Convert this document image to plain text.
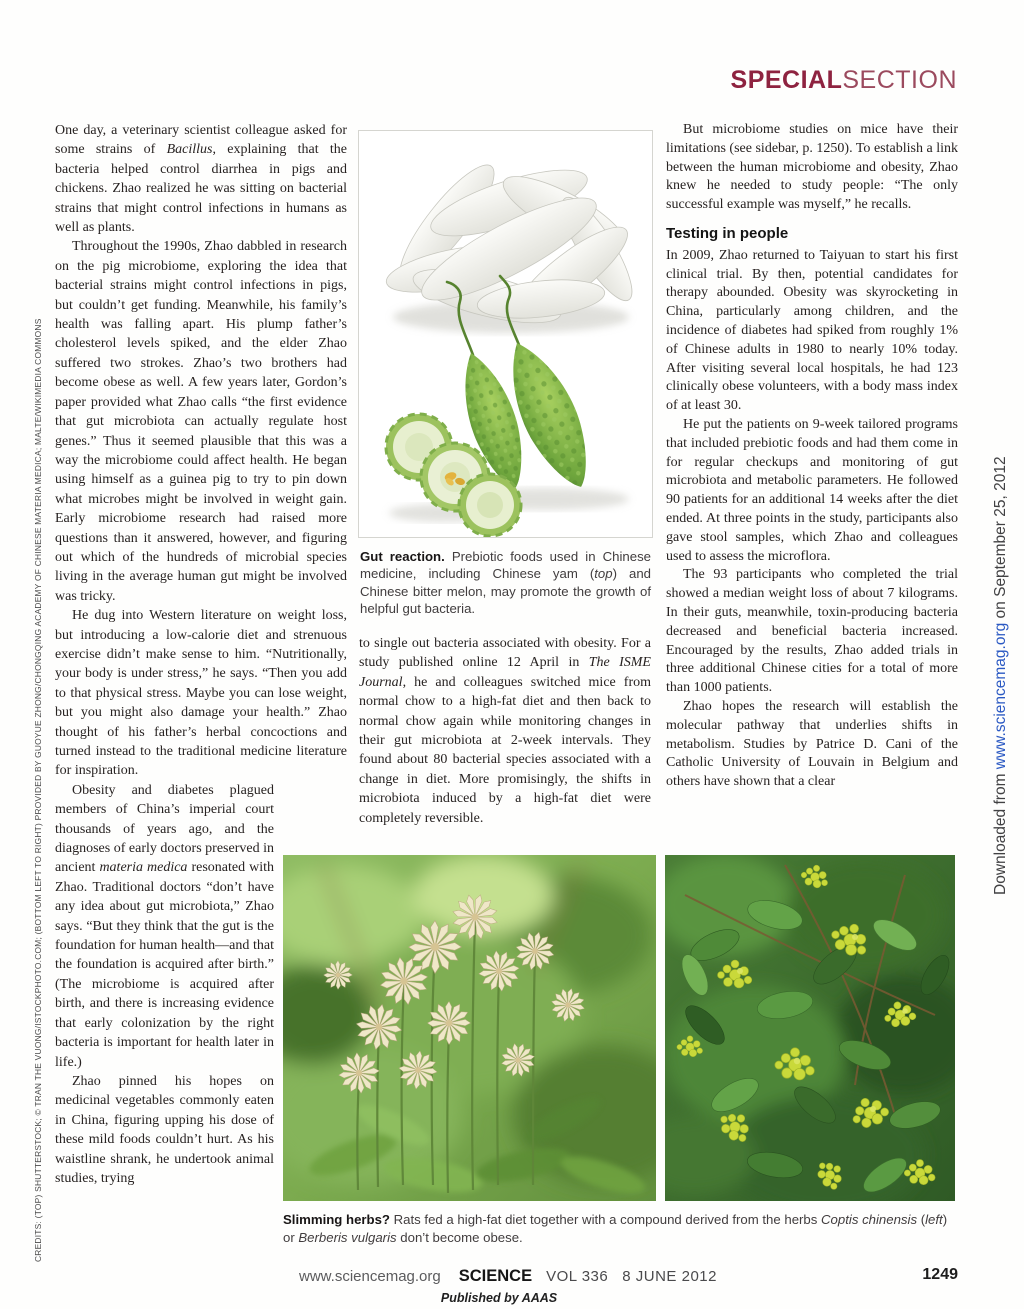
SPECIALSECTION
CREDITS: (TOP) SHUTTERSTOCK; © TRAN THE VUONG/ISTOCKPHOTO.COM; (BOTTOM LEFT TO RIGHT) PROVIDED BY GUOYUE ZHONG/CHONGQING ACADEMY OF CHINESE MATERIA MEDICA; MALTE/WIKIMEDIA COMMONS	Downloaded from www.sciencemag.org on September 25, 2012

One day, a veterinary scientist colleague asked for some strains of Bacillus, explaining that the bacteria helped control diarrhea in pigs and chickens. Zhao realized he was sitting on bacterial strains that might control infections in humans as well as plants.

Throughout the 1990s, Zhao dabbled in research on the pig microbiome, exploring the idea that bacterial strains might control infections in pigs, but couldn’t get funding. Meanwhile, his family’s health was falling apart. His plump father’s cholesterol levels spiked, and the elder Zhao suffered two strokes. Zhao’s two brothers had become obese as well. A few years later, Gordon’s paper provided what Zhao calls “the first evidence that gut microbiota can actually regulate host genes.” Thus it seemed plausible that this was a way the microbiome could affect health. He began using himself as a guinea pig to try to pin down what microbes might be involved in weight gain. Early microbiome research had raised more questions than it answered, however, and figuring out which of the hundreds of microbial species living in the average human gut might be involved was tricky.

He dug into Western literature on weight loss, but introducing a low-calorie diet and strenuous exercise didn’t make sense to him. “Nutritionally, your body is under stress,” he says. “Then you add to that physical stress. Maybe you can lose weight, but you might also damage your health.” Zhao thought of his father’s herbal concoctions and turned instead to the traditional medicine literature for inspiration.

Obesity and diabetes plagued members of China’s imperial court thousands of years ago, and the diagnoses of early doctors preserved in ancient materia medica resonated with Zhao. Traditional doctors “don’t have any idea about gut microbiota,” Zhao says. “But they think that the gut is the foundation for human health—and that the foundation is acquired after birth.” (The microbiome is acquired after birth, and there is increasing evidence that early colonization by the right bacteria is important for health later in life.)

Zhao pinned his hopes on medicinal vegetables commonly eaten in China, figuring upping his dose of these mild foods couldn’t hurt. As his waistline shrank, he undertook animal studies, trying

Gut reaction. Prebiotic foods used in Chinese medicine, including Chinese yam (top) and Chinese bitter melon, may promote the growth of helpful gut bacteria.

to single out bacteria associated with obesity. For a study published online 12 April in The ISME Journal, he and colleagues switched mice from normal chow to a high-fat diet and then back to normal chow again while monitoring changes in their gut microbiota at 2-week intervals. They found about 80 bacterial species associated with a change in diet. More promisingly, the shifts in microbiota induced by a high-fat diet were completely reversible.

But microbiome studies on mice have their limitations (see sidebar, p. 1250). To establish a link between the human microbiome and obesity, Zhao knew he needed to study people: “The only successful example was myself,” he recalls.

Testing in people

In 2009, Zhao returned to Taiyuan to start his first clinical trial. By then, potential candidates for therapy abounded. Obesity was skyrocketing in China, particularly among children, and the incidence of diabetes had spiked from roughly 1% of Chinese adults in 1980 to nearly 10% today. After visiting several local hospitals, he had 123 clinically obese volunteers, with a body mass index of at least 30.

He put the patients on 9-week tailored programs that included prebiotic foods and had them come in for regular checkups and monitoring of gut microbiota and metabolic parameters. He followed 90 patients for an additional 14 weeks after the diet ended. At three points in the study, participants also gave stool samples, which Zhao and colleagues used to assess the microflora.

The 93 participants who completed the trial showed a median weight loss of about 7 kilograms. In their guts, meanwhile, toxin-producing bacteria decreased and beneficial bacteria increased. Encouraged by the results, Zhao added trials in three additional Chinese cities for a total of more than 1000 patients.

Zhao hopes the research will establish the molecular pathway that underlies shifts in metabolism. Studies by Patrice D. Cani of the Catholic University of Louvain in Belgium and others have shown that a clear

Slimming herbs? Rats fed a high-fat diet together with a compound derived from the herbs Coptis chinensis (left) or Berberis vulgaris don’t become obese.
www.sciencemag.org SCIENCE VOL 336 8 JUNE 2012	1249
Published by AAAS
